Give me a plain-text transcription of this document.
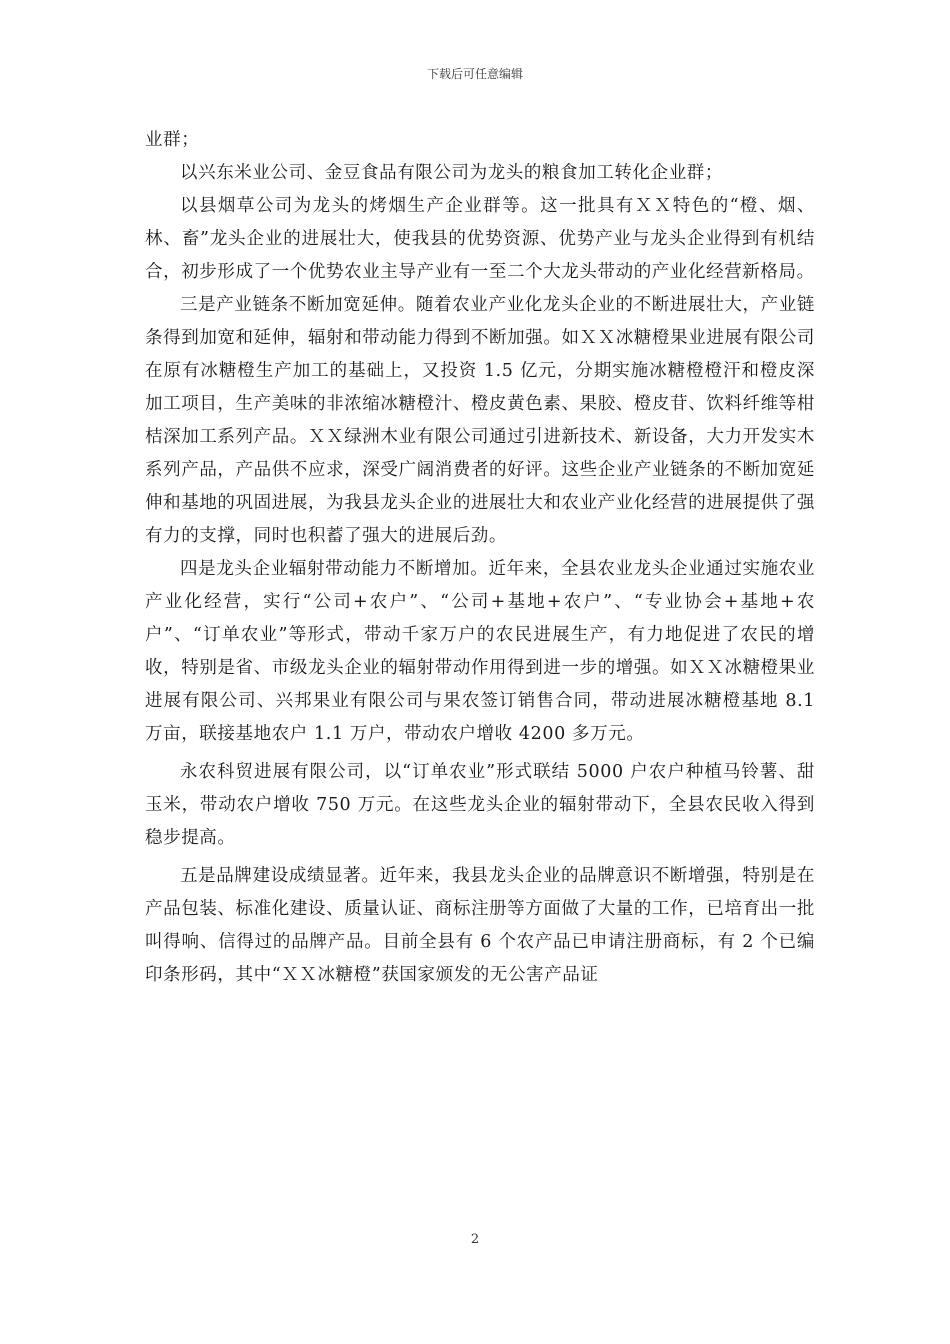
下载后可任意编辑

业群；

以兴东米业公司、金豆食品有限公司为龙头的粮食加工转化企业群；

以县烟草公司为龙头的烤烟生产企业群等。这一批具有ＸＸ特色的“橙、烟、林、畜”龙头企业的进展壮大，使我县的优势资源、优势产业与龙头企业得到有机结合，初步形成了一个优势农业主导产业有一至二个大龙头带动的产业化经营新格局。

三是产业链条不断加宽延伸。随着农业产业化龙头企业的不断进展壮大，产业链条得到加宽和延伸，辐射和带动能力得到不断加强。如ＸＸ冰糖橙果业进展有限公司在原有冰糖橙生产加工的基础上，又投资 1.5 亿元，分期实施冰糖橙橙汗和橙皮深加工项目，生产美味的非浓缩冰糖橙汁、橙皮黄色素、果胶、橙皮苷、饮料纤维等柑桔深加工系列产品。ＸＸ绿洲木业有限公司通过引进新技术、新设备，大力开发实木系列产品，产品供不应求，深受广阔消费者的好评。这些企业产业链条的不断加宽延伸和基地的巩固进展，为我县龙头企业的进展壮大和农业产业化经营的进展提供了强有力的支撑，同时也积蓄了强大的进展后劲。

四是龙头企业辐射带动能力不断增加。近年来，全县农业龙头企业通过实施农业产业化经营，实行“公司+农户”、“公司+基地+农户”、“专业协会+基地+农户”、“订单农业”等形式，带动千家万户的农民进展生产，有力地促进了农民的增收，特别是省、市级龙头企业的辐射带动作用得到进一步的增强。如ＸＸ冰糖橙果业进展有限公司、兴邦果业有限公司与果农签订销售合同，带动进展冰糖橙基地 8.1 万亩，联接基地农户 1.1 万户，带动农户增收 4200 多万元。

永农科贸进展有限公司，以“订单农业”形式联结 5000 户农户种植马铃薯、甜玉米，带动农户增收 750 万元。在这些龙头企业的辐射带动下，全县农民收入得到稳步提高。

五是品牌建设成绩显著。近年来，我县龙头企业的品牌意识不断增强，特别是在产品包装、标准化建设、质量认证、商标注册等方面做了大量的工作，已培育出一批叫得响、信得过的品牌产品。目前全县有 6 个农产品已申请注册商标，有 2 个已编印条形码，其中“ＸＸ冰糖橙”获国家颁发的无公害产品证

2
